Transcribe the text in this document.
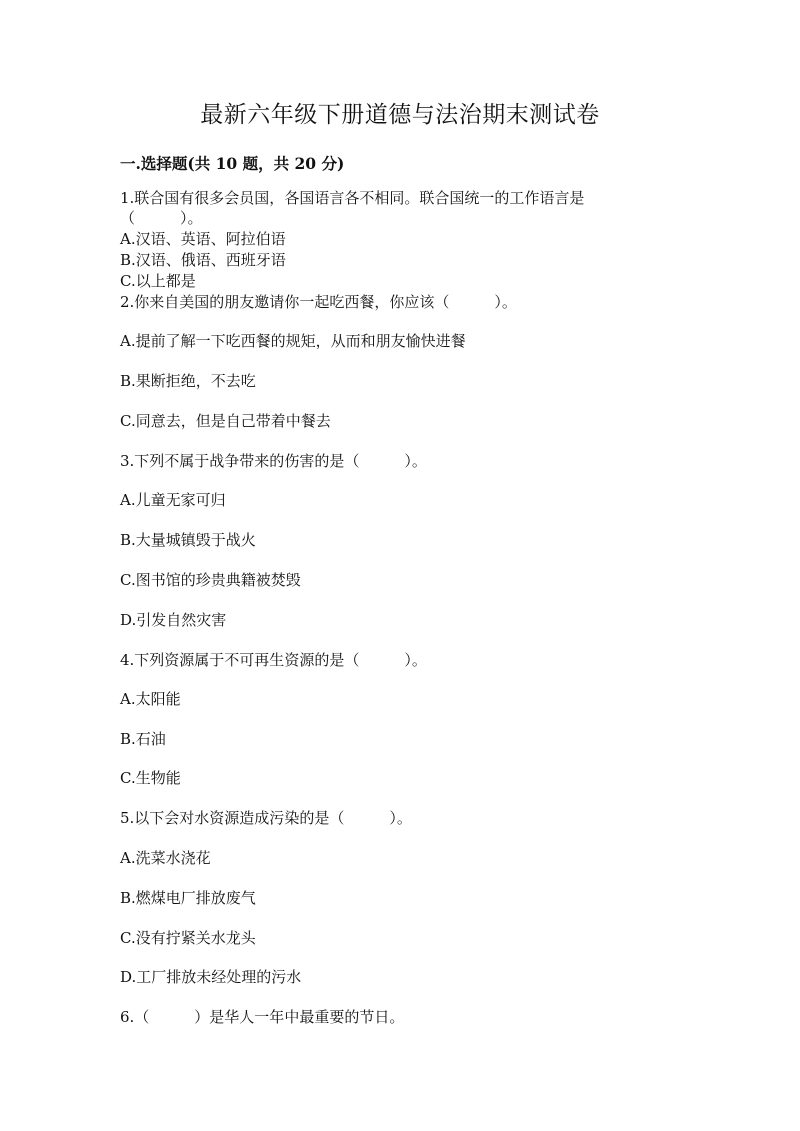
最新六年级下册道德与法治期末测试卷
一.选择题(共 10 题，共 20 分)
1.联合国有很多会员国，各国语言各不相同。联合国统一的工作语言是
（　　　）。
A.汉语、英语、阿拉伯语
B.汉语、俄语、西班牙语
C.以上都是
2.你来自美国的朋友邀请你一起吃西餐，你应该（　　　）。
A.提前了解一下吃西餐的规矩，从而和朋友愉快进餐
B.果断拒绝，不去吃
C.同意去，但是自己带着中餐去
3.下列不属于战争带来的伤害的是（　　　）。
A.儿童无家可归
B.大量城镇毁于战火
C.图书馆的珍贵典籍被焚毁
D.引发自然灾害
4.下列资源属于不可再生资源的是（　　　）。
A.太阳能
B.石油
C.生物能
5.以下会对水资源造成污染的是（　　　）。
A.洗菜水浇花
B.燃煤电厂排放废气
C.没有拧紧关水龙头
D.工厂排放未经处理的污水
6.（　　　）是华人一年中最重要的节日。
